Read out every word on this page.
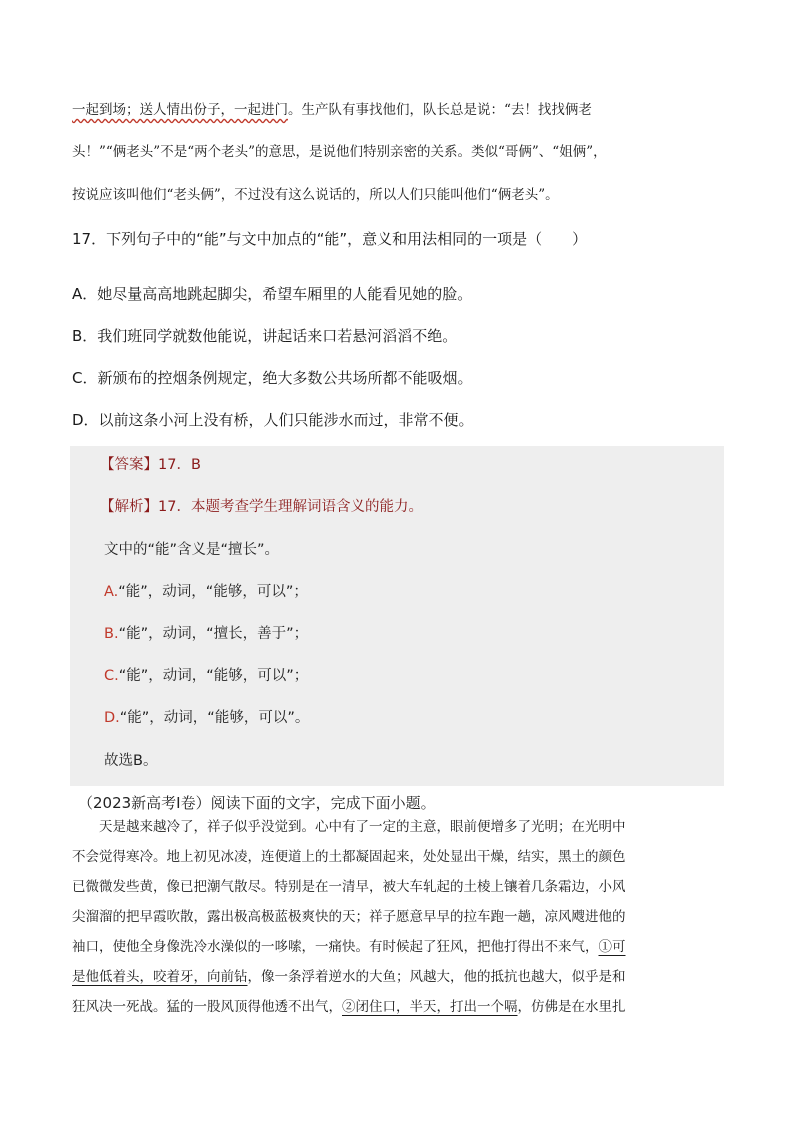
一起到场；送人情出份子，一起进门。生产队有事找他们，队长总是说：“去！找找俩老
头！”“俩老头”不是“两个老头”的意思，是说他们特别亲密的关系。类似“哥俩”、“姐俩”，
按说应该叫他们“老头俩”，不过没有这么说话的，所以人们只能叫他们“俩老头”。
17．下列句子中的“能”与文中加点的“能”，意义和用法相同的一项是（　　）
A．她尽量高高地跳起脚尖，希望车厢里的人能看见她的脸。
B．我们班同学就数他能说，讲起话来口若悬河滔滔不绝。
C．新颁布的控烟条例规定，绝大多数公共场所都不能吸烟。
D．以前这条小河上没有桥，人们只能涉水而过，非常不便。
【答案】17．B
【解析】17．本题考查学生理解词语含义的能力。
文中的“能”含义是“擅长”。
A.“能”，动词，“能够，可以”；
B.“能”，动词，“擅长，善于”；
C.“能”，动词，“能够，可以”；
D.“能”，动词，“能够，可以”。
故选B。
（2023新高考Ⅰ卷）阅读下面的文字，完成下面小题。
　　天是越来越冷了，祥子似乎没觉到。心中有了一定的主意，眼前便增多了光明；在光明中
不会觉得寒冷。地上初见冰凌，连便道上的土都凝固起来，处处显出干燥，结实，黑土的颜色
已微微发些黄，像已把潮气散尽。特别是在一清早，被大车轧起的土棱上镶着几条霜边，小风
尖溜溜的把早霞吹散，露出极高极蓝极爽快的天；祥子愿意早早的拉车跑一趟，凉风飕进他的
袖口，使他全身像洗冷水澡似的一哆嗦，一痛快。有时候起了狂风，把他打得出不来气，①可
是他低着头，咬着牙，向前钻，像一条浮着逆水的大鱼；风越大，他的抵抗也越大，似乎是和
狂风决一死战。猛的一股风顶得他透不出气，②闭住口，半天，打出一个嗝，仿佛是在水里扎
